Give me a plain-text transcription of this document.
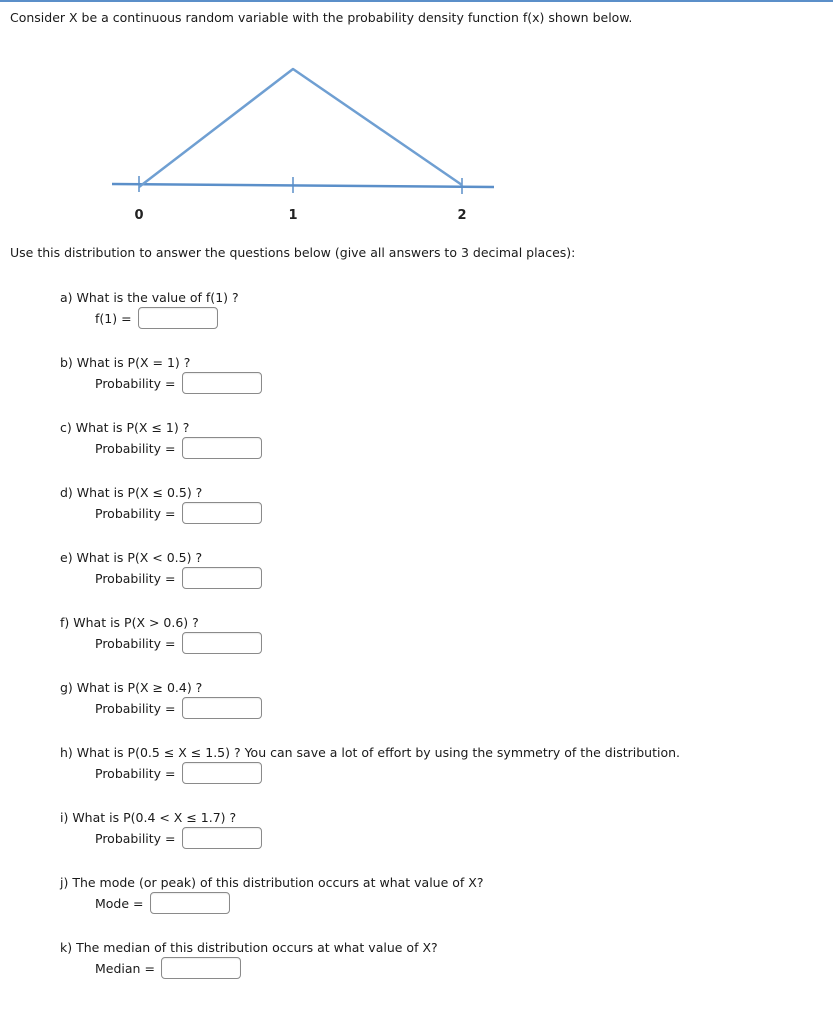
Consider X be a continuous random variable with the probability density function f(x) shown below.
0	1	2
Use this distribution to answer the questions below (give all answers to 3 decimal places):
a) What is the value of f(1) ?
f(1) =
b) What is P(X = 1) ?
Probability =
c) What is P(X ≤ 1) ?
Probability =
d) What is P(X ≤ 0.5) ?
Probability =
e) What is P(X < 0.5) ?
Probability =
f) What is P(X > 0.6) ?
Probability =
g) What is P(X ≥ 0.4) ?
Probability =
h) What is P(0.5 ≤ X ≤ 1.5) ? You can save a lot of effort by using the symmetry of the distribution.
Probability =
i) What is P(0.4 < X ≤ 1.7) ?
Probability =
j) The mode (or peak) of this distribution occurs at what value of X?
Mode =
k) The median of this distribution occurs at what value of X?
Median =
